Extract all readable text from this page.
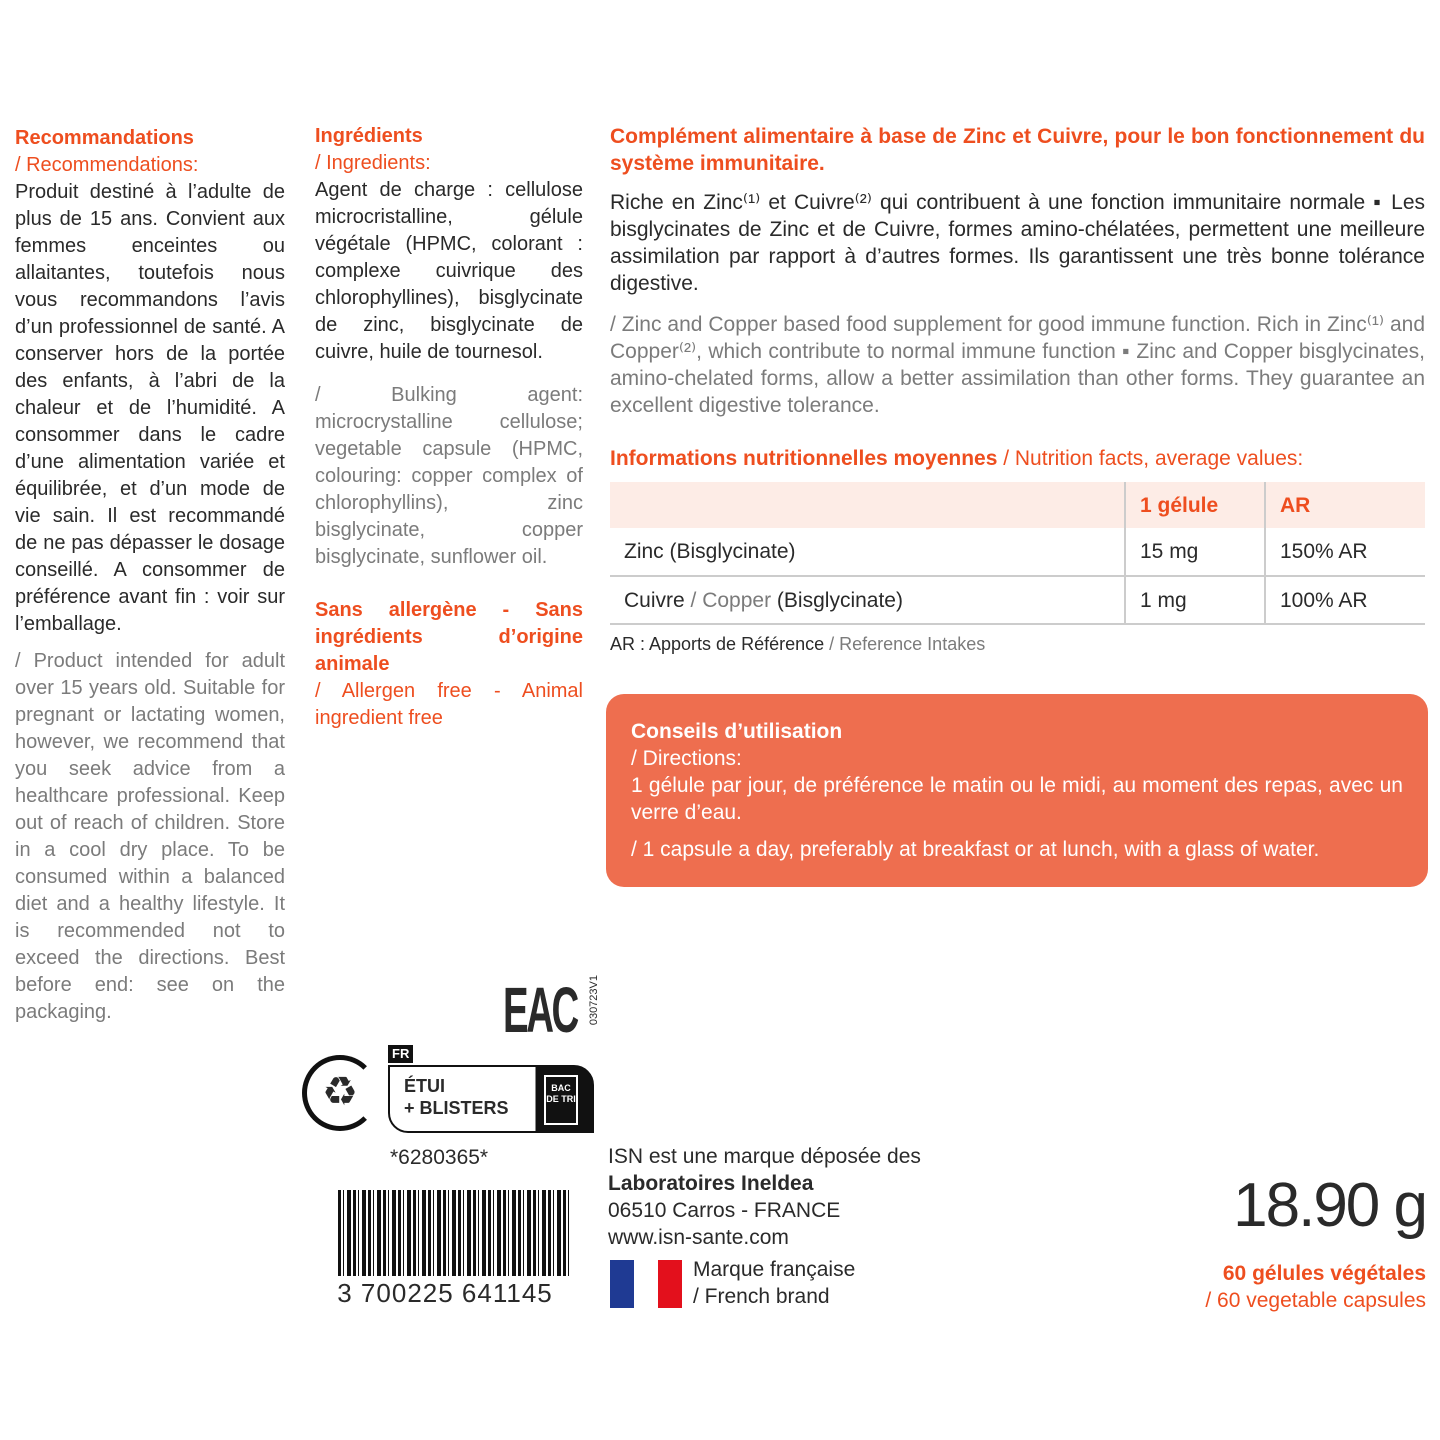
Recommandations
/ Recommendations:

Produit destiné à l’adulte de plus de 15 ans. Convient aux femmes enceintes ou allaitantes, toutefois nous vous recommandons l’avis d’un professionnel de santé. A conserver hors de la portée des enfants, à l’abri de la chaleur et de l’humidité. A consommer dans le cadre d’une alimentation variée et équilibrée, et d’un mode de vie sain. Il est recommandé de ne pas dépasser le dosage conseillé. A consommer de préférence avant fin : voir sur l’emballage.

/ Product intended for adult over 15 years old. Suitable for pregnant or lactating women, however, we recommend that you seek advice from a healthcare professional. Keep out of reach of children. Store in a cool dry place. To be consumed within a balanced diet and a healthy lifestyle. It is recommended not to exceed the directions. Best before end: see on the packaging.

Ingrédients
/ Ingredients:

Agent de charge : cellulose microcristalline, gélule végétale (HPMC, colorant : complexe cuivrique des chlorophyllines), bisglycinate de zinc, bisglycinate de cuivre, huile de tournesol.

/ Bulking agent: microcrystalline cellulose; vegetable capsule (HPMC, colouring: copper complex of chlorophyllins), zinc bisglycinate, copper bisglycinate, sunflower oil.

Sans allergène - Sans ingrédients d’origine animale
/ Allergen free - Animal ingredient free
Complément alimentaire à base de Zinc et Cuivre, pour le bon fonctionnement du système immunitaire.

Riche en Zinc⁽¹⁾ et Cuivre⁽²⁾ qui contribuent à une fonction immunitaire normale ▪ Les bisglycinates de Zinc et de Cuivre, formes amino-chélatées, permettent une meilleure assimilation par rapport à d’autres formes. Ils garantissent une très bonne tolérance digestive.

/ Zinc and Copper based food supplement for good immune function. Rich in Zinc⁽¹⁾ and Copper⁽²⁾, which contribute to normal immune function ▪ Zinc and Copper bisglycinates, amino-chelated forms, allow a better assimilation than other forms. They guarantee an excellent digestive tolerance.

Informations nutritionnelles moyennes / Nutrition facts, average values:
	1 gélule	AR
Zinc (Bisglycinate)	15 mg	150% AR
Cuivre / Copper (Bisglycinate)	1 mg	100% AR
AR : Apports de Référence / Reference Intakes
Conseils d’utilisation
/ Directions:

1 gélule par jour, de préférence le matin ou le midi, au moment des repas, avec un verre d’eau.

/ 1 capsule a day, preferably at breakfast or at lunch, with a glass of water.

EAC 030723V1
♻
FR
ÉTUI
+ BLISTERS
BAC DE TRI
*6280365*
3 700225 641145
ISN est une marque déposée des
Laboratoires Ineldea
06510 Carros - FRANCE
www.isn-sante.com
Marque française
/ French brand
18.90 g
60 gélules végétales
/ 60 vegetable capsules
